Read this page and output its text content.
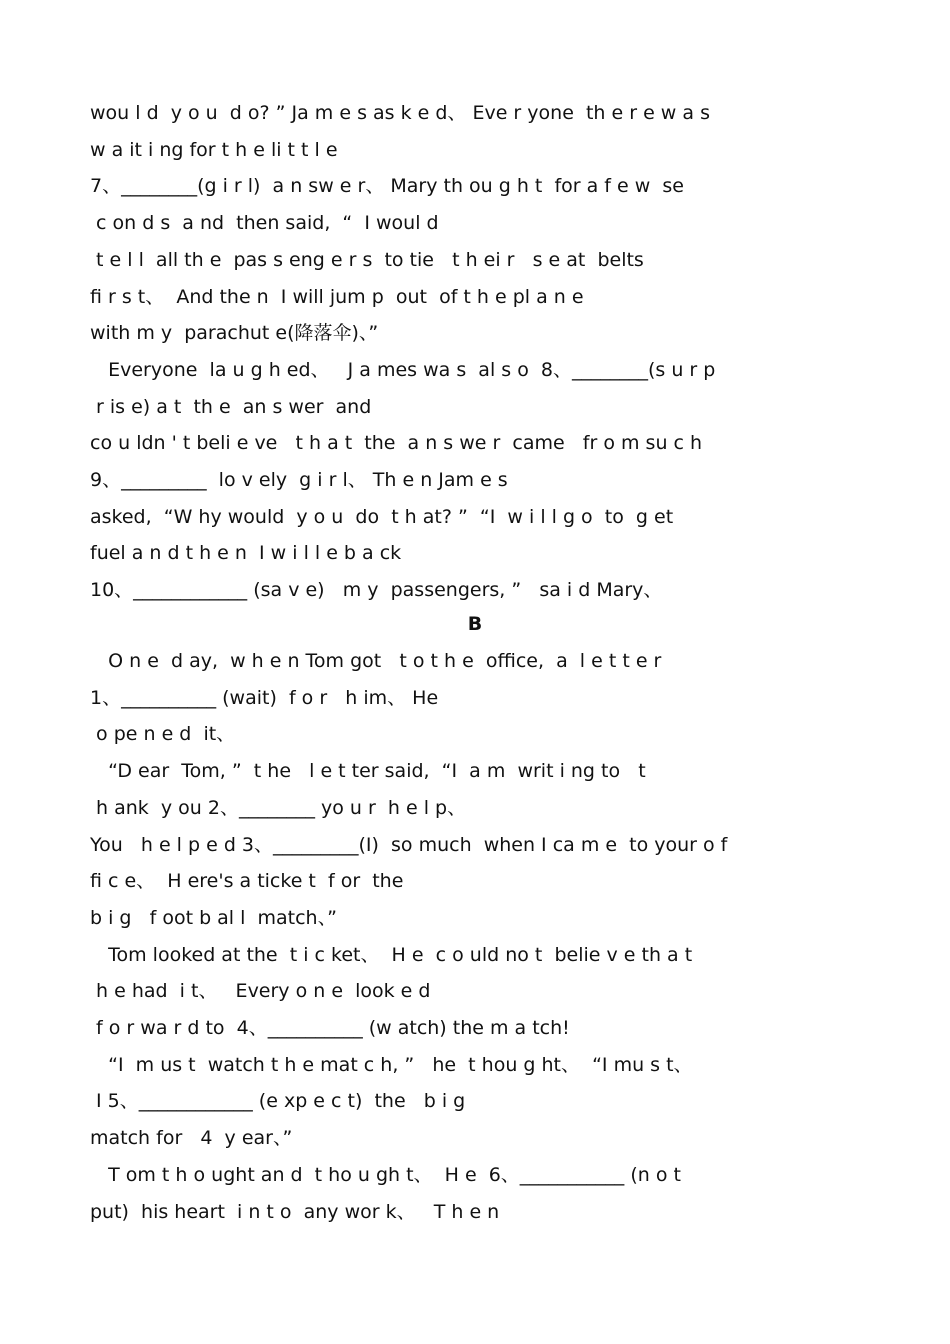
wou l d  y o u  d o? ” Ja m e s as k e d、 Eve r yone  th e r e w a s
w a it i ng for t h e li t t l e
7、________(g i r l)  a n sw e r、 Mary th ou g h t  for a f e w  se
c on d s  a nd  then said,  “  I woul d
t e l l  all th e  pas s eng e r s  to tie   t h ei r   s e at  belts
fi r s t、  And the n  I will jum p  out  of t h e pl a n e
with m y  parachut e(降落伞)、”
Everyone  la u g h ed、   J a mes wa s  al s o  8、________(s u r p
r is e) a t  th e  an s wer  and
co u ldn ' t beli e ve   t h a t  the  a n s we r  came   fr o m su c h
9、_________  lo v ely  g i r l、 Th e n Jam e s
asked,  “W hy would  y o u  do  t h at? ”  “I  w i l l g o  to  g et
fuel a n d t h e n  I w i l l e b a ck
10、____________ (sa v e)   m y  passengers, ”   sa i d Mary、
B
O n e  d ay,  w h e n Tom got   t o t h e  office,  a  l e t t e r
1、__________ (wait)  f o r   h im、 He
o pe n e d  it、
“D ear  Tom, ”  t he   l e t ter said,  “I  a m  writ i ng to   t
h ank  y ou 2、________ yo u r  h e l p、
You   h e l p e d 3、_________(I)  so much  when I ca m e  to your o f
fi c e、  H ere's a ticke t  f or  the
b i g   f oot b al l  match、”
Tom looked at the  t i c ket、  H e  c o uld no t  belie v e th a t
h e had  i t、   Every o n e  look e d
f o r wa r d to  4、__________ (w atch) the m a tch!
“I  m us t  watch t h e mat c h, ”   he  t hou g ht、  “I mu s t、
I 5、____________ (e xp e c t)  the   b i g
match for   4  y ear、”
T om t h o ught an d  t ho u gh t、  H e  6、___________ (n o t
put)  his heart  i n t o  any wor k、   T h e n
